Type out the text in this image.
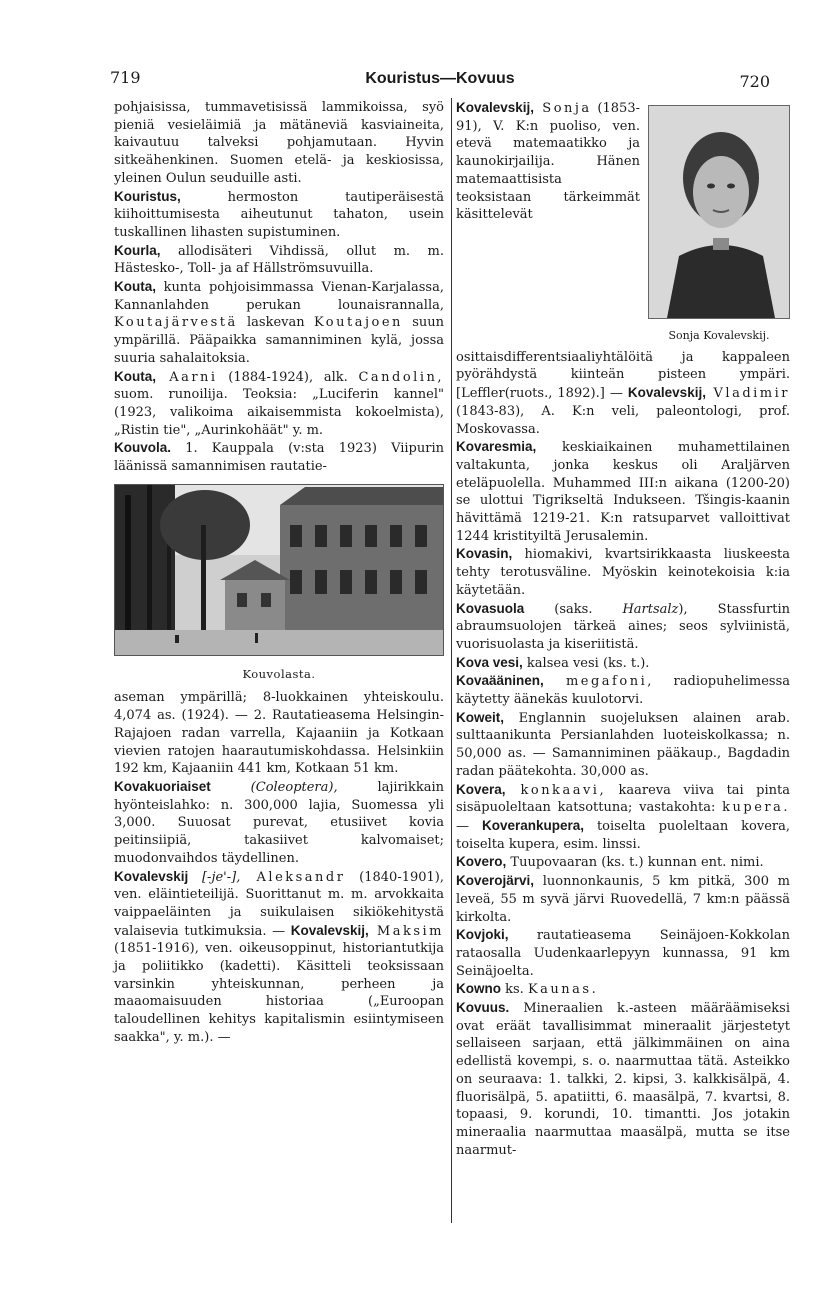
719	Kouristus—Kovuus	720

pohjaisissa, tummavetisissä lammikoissa, syö pieniä vesieläimiä ja mätäneviä kasviaineita, kaivautuu talveksi pohjamutaan. Hyvin sitkeähenkinen. Suomen etelä- ja keskiosissa, yleinen Oulun seuduille asti.

Kouristus, hermoston tautiperäisestä kiihoittumisesta aiheutunut tahaton, usein tuskallinen lihasten supistuminen.

Kourla, allodisäteri Vihdissä, ollut m. m. Hästesko-, Toll- ja af Hällströmsuvuilla.

Kouta, kunta pohjoisimmassa Vienan-Karjalassa, Kannanlahden perukan lounaisrannalla, Koutajärvestä laskevan Koutajoen suun ympärillä. Pääpaikka samanniminen kylä, jossa suuria sahalaitoksia.

Kouta, Aarni (1884-1924), alk. Candolin, suom. runoilija. Teoksia: „Luciferin kannel" (1923, valikoima aikaisemmista kokoelmista), „Ristin tie", „Aurinkohäät" y. m.

Kouvola. 1. Kauppala (v:sta 1923) Viipurin läänissä samannimisen rautatie-

Kouvolasta.

aseman ympärillä; 8-luokkainen yhteiskoulu. 4,074 as. (1924). — 2. Rautatieasema Helsingin-Rajajoen radan varrella, Kajaaniin ja Kotkaan vievien ratojen haarautumiskohdassa. Helsinkiin 192 km, Kajaaniin 441 km, Kotkaan 51 km.

Kovakuoriaiset (Coleoptera), lajirikkain hyönteislahko: n. 300,000 lajia, Suomessa yli 3,000. Suuosat purevat, etusiivet kovia peitinsiipiä, takasiivet kalvomaiset; muodonvaihdos täydellinen.

Kovalevskij [-je'-], Aleksandr (1840-1901), ven. eläintieteilijä. Suorittanut m. m. arvokkaita vaippaeläinten ja suikulaisen sikiökehitystä valaisevia tutkimuksia. — Kovalevskij, Maksim (1851-1916), ven. oikeusoppinut, historiantutkija ja poliitikko (kadetti). Käsitteli teoksissaan varsinkin yhteiskunnan, perheen ja maaomaisuuden historiaa („Euroopan taloudellinen kehitys kapitalismin esiintymiseen saakka", y. m.). —

Kovalevskij, Sonja
Sonja Kovalevskij.
(1853-91), V. K:n puoliso, ven. etevä matemaatikko ja kaunokirjailija. Hänen matemaattisista teoksistaan tärkeimmät käsittelevät osittaisdifferentsiaaliyhtälöitä ja kappaleen pyörähdystä kiinteän pisteen ympäri. [Leffler(ruots., 1892).] — Kovalevskij, Vladimir (1843-83), A. K:n veli, paleontologi, prof. Moskovassa.

Kovaresmia, keskiaikainen muhamettilainen valtakunta, jonka keskus oli Araljärven eteläpuolella. Muhammed III:n aikana (1200-20) se ulottui Tigrikseltä Indukseen. Tšingis-kaanin hävittämä 1219-21. K:n ratsuparvet valloittivat 1244 kristityiltä Jerusalemin.

Kovasin, hiomakivi, kvartsirikkaasta liuskeesta tehty terotusväline. Myöskin keinotekoisia k:ia käytetään.

Kovasuola (saks. Hartsalz), Stassfurtin abraumsuolojen tärkeä aines; seos sylviinistä, vuorisuolasta ja kiseriitistä.

Kova vesi, kalsea vesi (ks. t.).

Kovaääninen, megafoni, radiopuhelimessa käytetty äänekäs kuulotorvi.

Koweit, Englannin suojeluksen alainen arab. sulttaanikunta Persianlahden luoteiskolkassa; n. 50,000 as. — Samanniminen pääkaup., Bagdadin radan päätekohta. 30,000 as.

Kovera, konkaavi, kaareva viiva tai pinta sisäpuoleltaan katsottuna; vastakohta: kupera. — Koverankupera, toiselta puoleltaan kovera, toiselta kupera, esim. linssi.

Kovero, Tuupovaaran (ks. t.) kunnan ent. nimi.

Koverojärvi, luonnonkaunis, 5 km pitkä, 300 m leveä, 55 m syvä järvi Ruovedellä, 7 km:n päässä kirkolta.

Kovjoki, rautatieasema Seinäjoen-Kokkolan rataosalla Uudenkaarlepyyn kunnassa, 91 km Seinäjoelta.

Kowno ks. Kaunas.

Kovuus. Mineraalien k.-asteen määräämiseksi ovat eräät tavallisimmat mineraalit järjestetyt sellaiseen sarjaan, että jälkimmäinen on aina edellistä kovempi, s. o. naarmuttaa tätä. Asteikko on seuraava: 1. talkki, 2. kipsi, 3. kalkkisälpä, 4. fluorisälpä, 5. apatiitti, 6. maasälpä, 7. kvartsi, 8. topaasi, 9. korundi, 10. timantti. Jos jotakin mineraalia naarmuttaa maasälpä, mutta se itse naarmut-
